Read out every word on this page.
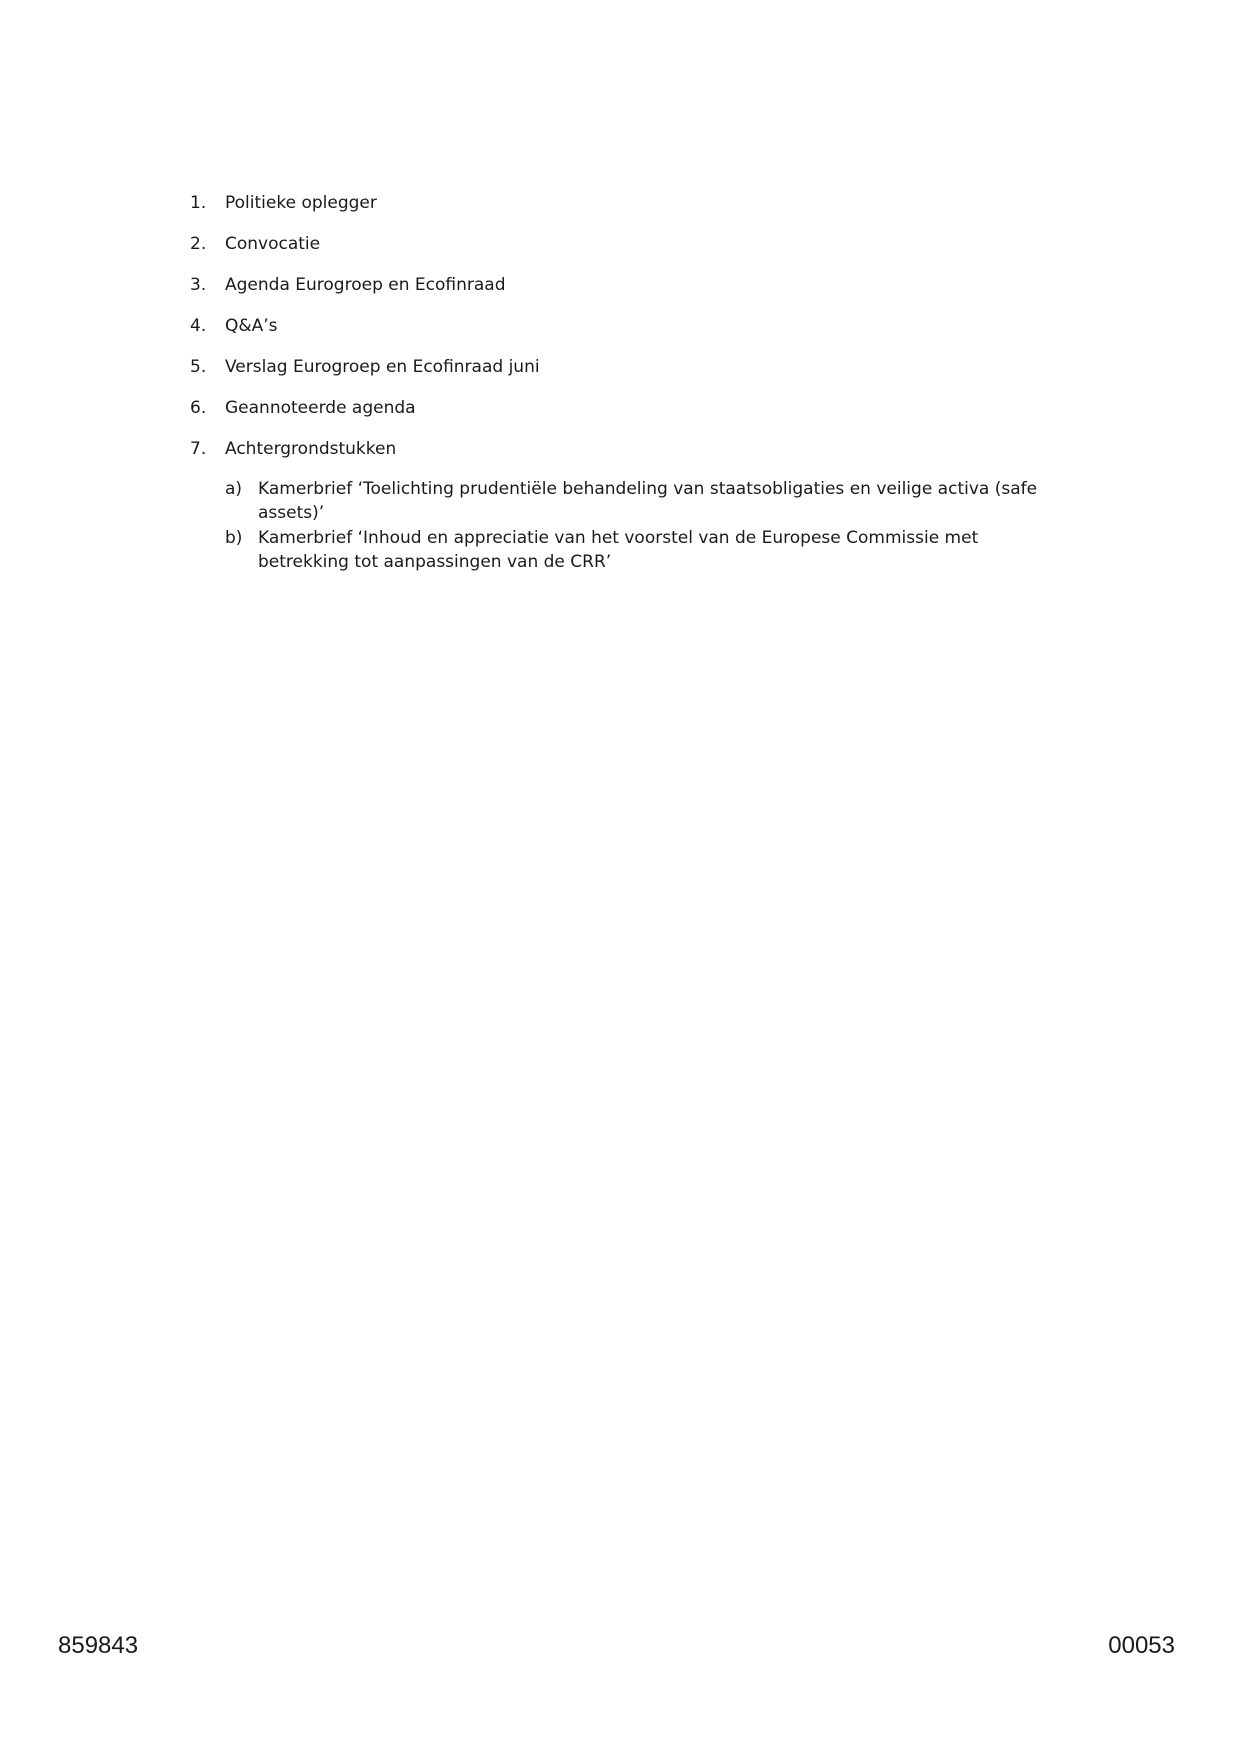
1.	Politieke oplegger
2.	Convocatie
3.	Agenda Eurogroep en Ecofinraad
4.	Q&A’s
5.	Verslag Eurogroep en Ecofinraad juni
6.	Geannoteerde agenda
7.	Achtergrondstukken
a) Kamerbrief ‘Toelichting prudentiële behandeling van staatsobligaties en veilige activa (safe assets)’
b) Kamerbrief ‘Inhoud en appreciatie van het voorstel van de Europese Commissie met betrekking tot aanpassingen van de CRR’
859843	00053
